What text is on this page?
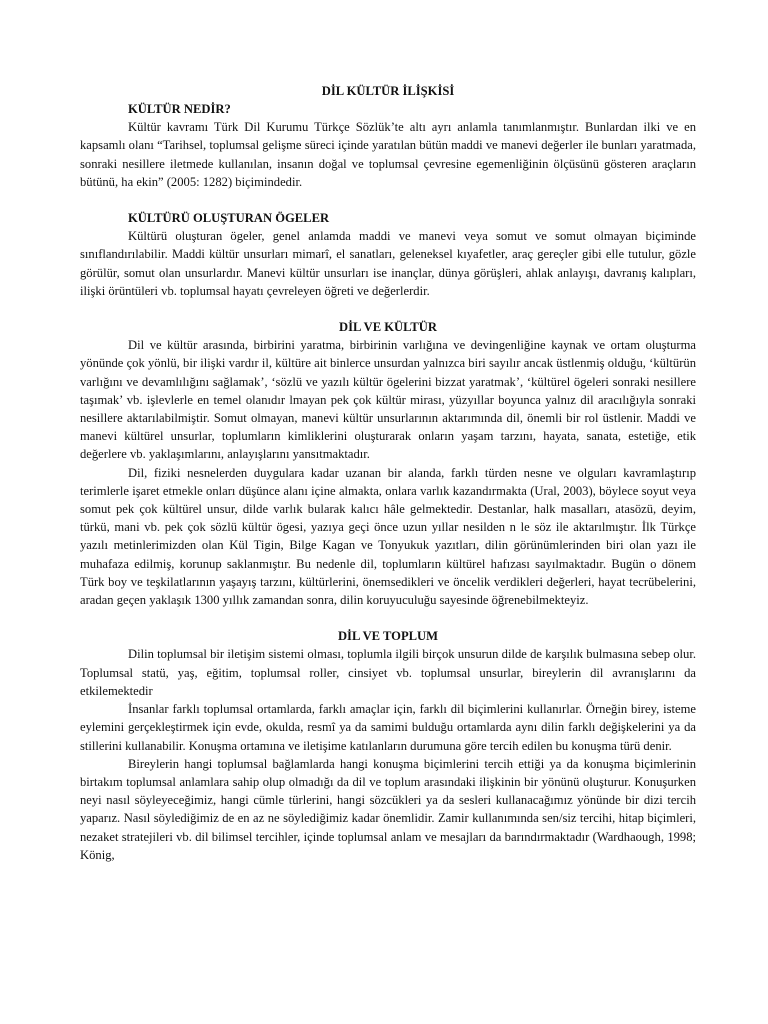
DİL KÜLTÜR İLİŞKİSİ
KÜLTÜR NEDİR?

Kültür kavramı Türk Dil Kurumu Türkçe Sözlük’te altı ayrı anlamla tanımlanmıştır. Bunlardan ilki ve en kapsamlı olanı “Tarihsel, toplumsal gelişme süreci içinde yaratılan bütün maddi ve manevi değerler ile bunları yaratmada, sonraki nesillere iletmede kullanılan, insanın doğal ve toplumsal çevresine egemenliğinin ölçüsünü gösteren araçların bütünü, ha ekin” (2005: 1282) biçimindedir.

KÜLTÜRÜ OLUŞTURAN ÖGELER

Kültürü oluşturan ögeler, genel anlamda maddi ve manevi veya somut ve somut olmayan biçiminde sınıflandırılabilir. Maddi kültür unsurları mimarî, el sanatları, geleneksel kıyafetler, araç gereçler gibi elle tutulur, gözle görülür, somut olan unsurlardır. Manevi kültür unsurları ise inançlar, dünya görüşleri, ahlak anlayışı, davranış kalıpları, ilişki örüntüleri vb. toplumsal hayatı çevreleyen öğreti ve değerlerdir.

DİL VE KÜLTÜR

Dil ve kültür arasında, birbirini yaratma, birbirinin varlığına ve devingenliğine kaynak ve ortam oluşturma yönünde çok yönlü, bir ilişki vardır il, kültüre ait binlerce unsurdan yalnızca biri sayılır ancak üstlenmiş olduğu, ‘kültürün varlığını ve devamlılığını sağlamak’, ‘sözlü ve yazılı kültür ögelerini bizzat yaratmak’, ‘kültürel ögeleri sonraki nesillere taşımak’ vb. işlevlerle en temel olanıdır lmayan pek çok kültür mirası, yüzyıllar boyunca yalnız dil aracılığıyla sonraki nesillere aktarılabilmiştir. Somut olmayan, manevi kültür unsurlarının aktarımında dil, önemli bir rol üstlenir. Maddi ve manevi kültürel unsurlar, toplumların kimliklerini oluşturarak onların yaşam tarzını, hayata, sanata, estetiğe, etik değerlere vb. yaklaşımlarını, anlayışlarını yansıtmaktadır.

Dil, fiziki nesnelerden duygulara kadar uzanan bir alanda, farklı türden nesne ve olguları kavramlaştırıp terimlerle işaret etmekle onları düşünce alanı içine almakta, onlara varlık kazandırmakta (Ural, 2003), böylece soyut veya somut pek çok kültürel unsur, dilde varlık bularak kalıcı hâle gelmektedir. Destanlar, halk masalları, atasözü, deyim, türkü, mani vb. pek çok sözlü kültür ögesi, yazıya geçi önce uzun yıllar nesilden n le söz ile aktarılmıştır. İlk Türkçe yazılı metinlerimizden olan Kül Tigin, Bilge Kagan ve Tonyukuk yazıtları, dilin görünümlerinden biri olan yazı ile muhafaza edilmiş, korunup saklanmıştır. Bu nedenle dil, toplumların kültürel hafızası sayılmaktadır. Bugün o dönem Türk boy ve teşkilatlarının yaşayış tarzını, kültürlerini, önemsedikleri ve öncelik verdikleri değerleri, hayat tecrübelerini, aradan geçen yaklaşık 1300 yıllık zamandan sonra, dilin koruyuculuğu sayesinde öğrenebilmekteyiz.

DİL VE TOPLUM

Dilin toplumsal bir iletişim sistemi olması, toplumla ilgili birçok unsurun dilde de karşılık bulmasına sebep olur. Toplumsal statü, yaş, eğitim, toplumsal roller, cinsiyet vb. toplumsal unsurlar, bireylerin dil avranışlarını da etkilemektedir

İnsanlar farklı toplumsal ortamlarda, farklı amaçlar için, farklı dil biçimlerini kullanırlar. Örneğin birey, isteme eylemini gerçekleştirmek için evde, okulda, resmî ya da samimi bulduğu ortamlarda aynı dilin farklı değişkelerini ya da stillerini kullanabilir. Konuşma ortamına ve iletişime katılanların durumuna göre tercih edilen bu konuşma türü denir.

Bireylerin hangi toplumsal bağlamlarda hangi konuşma biçimlerini tercih ettiği ya da konuşma biçimlerinin birtakım toplumsal anlamlara sahip olup olmadığı da dil ve toplum arasındaki ilişkinin bir yönünü oluşturur. Konuşurken neyi nasıl söyleyeceğimiz, hangi cümle türlerini, hangi sözcükleri ya da sesleri kullanacağımız yönünde bir dizi tercih yaparız. Nasıl söylediğimiz de en az ne söylediğimiz kadar önemlidir. Zamir kullanımında sen/siz tercihi, hitap biçimleri, nezaket stratejileri vb. dil bilimsel tercihler, içinde toplumsal anlam ve mesajları da barındırmaktadır (Wardhaough, 1998; König,
